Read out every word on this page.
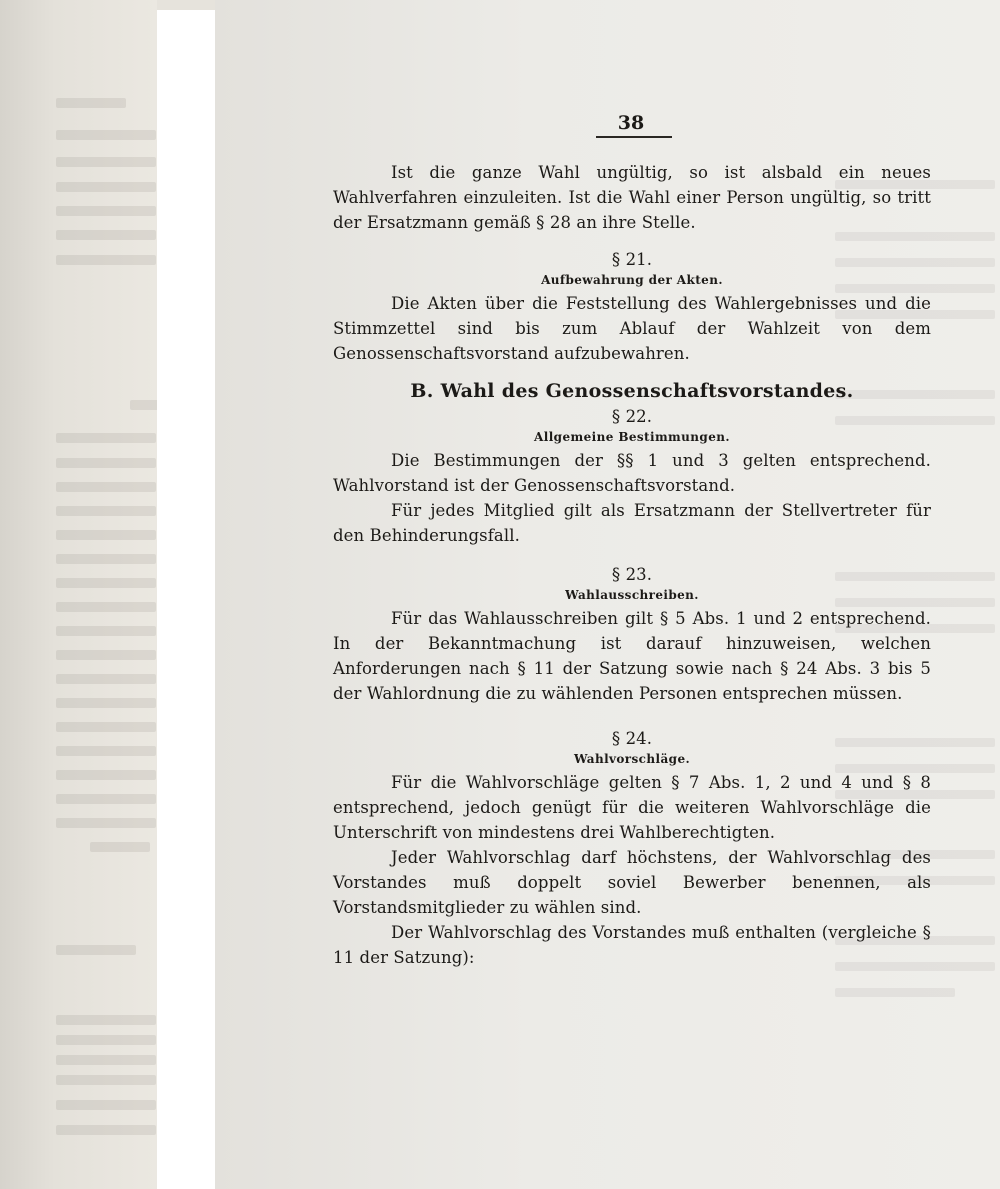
38

Ist die ganze Wahl ungültig, so ist alsbald ein neues Wahlverfahren einzuleiten. Ist die Wahl einer Person ungültig, so tritt der Ersatzmann gemäß § 28 an ihre Stelle.

§ 21.

Aufbewahrung der Akten.

Die Akten über die Feststellung des Wahlergebnisses und die Stimmzettel sind bis zum Ablauf der Wahlzeit von dem Genossenschaftsvorstand aufzubewahren.

B. Wahl des Genossenschaftsvorstandes.

§ 22.

Allgemeine Bestimmungen.

Die Bestimmungen der §§ 1 und 3 gelten entsprechend. Wahlvorstand ist der Genossenschaftsvorstand.

Für jedes Mitglied gilt als Ersatzmann der Stellvertreter für den Behinderungsfall.

§ 23.

Wahlausschreiben.

Für das Wahlausschreiben gilt § 5 Abs. 1 und 2 entsprechend. In der Bekanntmachung ist darauf hinzuweisen, welchen Anforderungen nach § 11 der Satzung sowie nach § 24 Abs. 3 bis 5 der Wahlordnung die zu wählenden Personen entsprechen müssen.

§ 24.

Wahlvorschläge.

Für die Wahlvorschläge gelten § 7 Abs. 1, 2 und 4 und § 8 entsprechend, jedoch genügt für die weiteren Wahlvorschläge die Unterschrift von mindestens drei Wahlberechtigten.

Jeder Wahlvorschlag darf höchstens, der Wahlvorschlag des Vorstandes muß doppelt soviel Bewerber benennen, als Vorstandsmitglieder zu wählen sind.

Der Wahlvorschlag des Vorstandes muß enthalten (vergleiche § 11 der Satzung):
